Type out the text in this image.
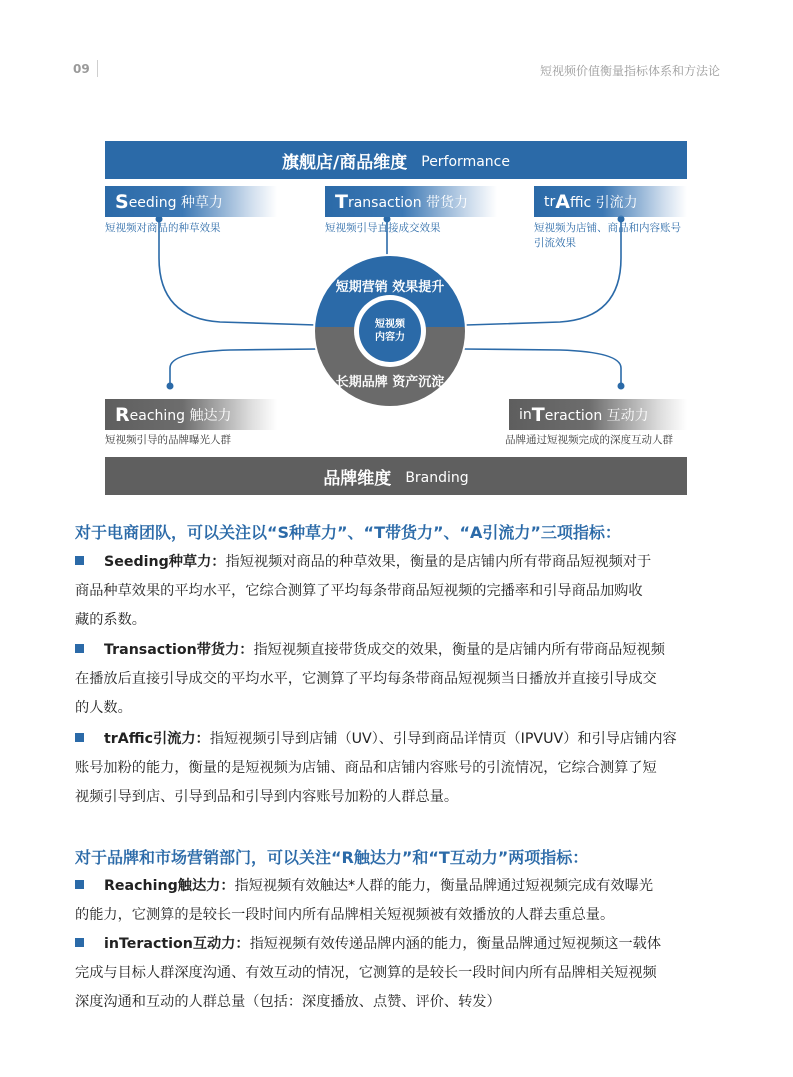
09	短视频价值衡量指标体系和方法论
旗舰店/商品维度 Performance
S eeding 种草力
短视频对商品的种草效果
T ransaction 带货力
短视频引导直接成交效果
tr A ffic 引流力
短视频为店铺、商品和内容账号
引流效果
短期营销 效果提升
短视频
内容力
长期品牌 资产沉淀
R eaching 触达力
短视频引导的品牌曝光人群
in T eraction 互动力
品牌通过短视频完成的深度互动人群
品牌维度 Branding
对于电商团队，可以关注以“S种草力”、“T带货力”、“A引流力”三项指标：
Seeding种草力：指短视频对商品的种草效果，衡量的是店铺内所有带商品短视频对于
商品种草效果的平均水平，它综合测算了平均每条带商品短视频的完播率和引导商品加购收
藏的系数。
Transaction带货力：指短视频直接带货成交的效果，衡量的是店铺内所有带商品短视频
在播放后直接引导成交的平均水平，它测算了平均每条带商品短视频当日播放并直接引导成交
的人数。
trAffic引流力：指短视频引导到店铺（UV）、引导到商品详情页（IPVUV）和引导店铺内容
账号加粉的能力，衡量的是短视频为店铺、商品和店铺内容账号的引流情况，它综合测算了短
视频引导到店、引导到品和引导到内容账号加粉的人群总量。
对于品牌和市场营销部门，可以关注“R触达力”和“T互动力”两项指标：
Reaching触达力：指短视频有效触达*人群的能力，衡量品牌通过短视频完成有效曝光
的能力，它测算的是较长一段时间内所有品牌相关短视频被有效播放的人群去重总量。
inTeraction互动力：指短视频有效传递品牌内涵的能力，衡量品牌通过短视频这一载体
完成与目标人群深度沟通、有效互动的情况，它测算的是较长一段时间内所有品牌相关短视频
深度沟通和互动的人群总量（包括：深度播放、点赞、评价、转发）
